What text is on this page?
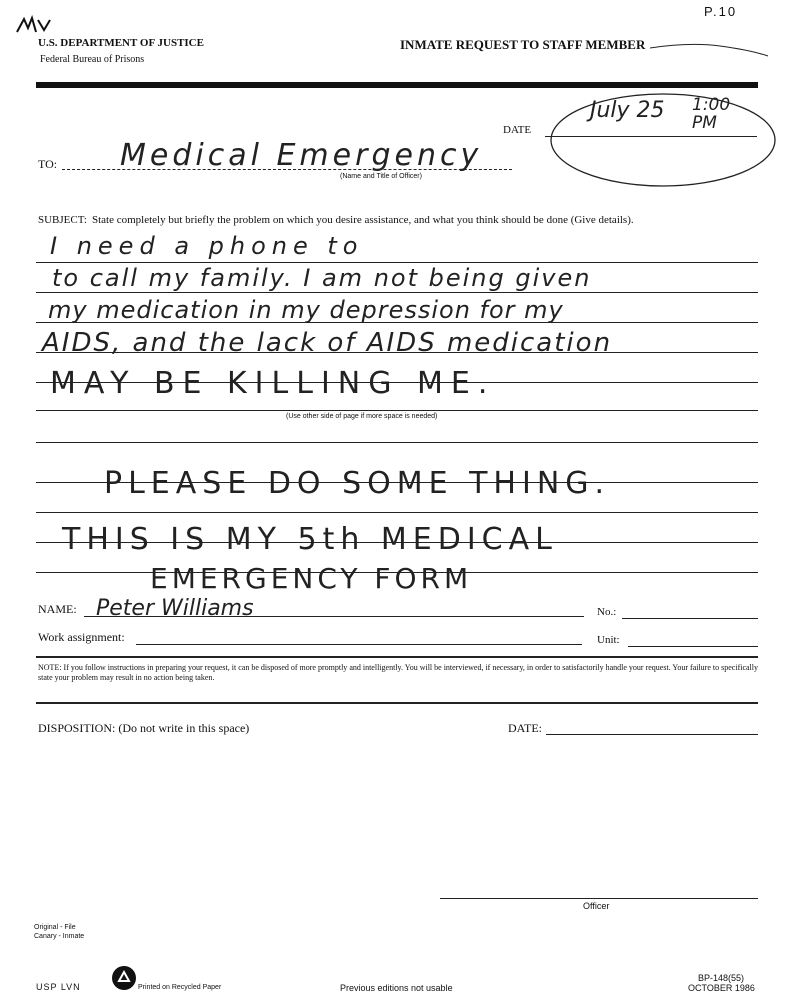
P.10
U.S. DEPARTMENT OF JUSTICE
Federal Bureau of Prisons
INMATE REQUEST TO STAFF MEMBER
DATE
July 25 1:00 PM
TO: Medical Emergency
(Name and Title of Officer)
SUBJECT: State completely but briefly the problem on which you desire assistance, and what you think should be done (Give details).
I need a phone to
to call my family. I am not being given
my medication in my depression for my
AIDS, and the lack of AIDS medication
MAY BE KILLING ME.
(Use other side of page if more space is needed)
PLEASE DO SOME THING.
THIS IS MY 5th MEDICAL
EMERGENCY FORM
NAME: Peter Williams	No.:
Work assignment:	Unit:
NOTE: If you follow instructions in preparing your request, it can be disposed of more promptly and intelligently. You will be interviewed, if necessary, in order to satisfactorily handle your request. Your failure to specifically state your problem may result in no action being taken.
DISPOSITION: (Do not write in this space)	DATE:
Officer
Original - File
Canary - Inmate
USP LVN	Printed on Recycled Paper	Previous editions not usable
BP-148(55)
OCTOBER 1986
